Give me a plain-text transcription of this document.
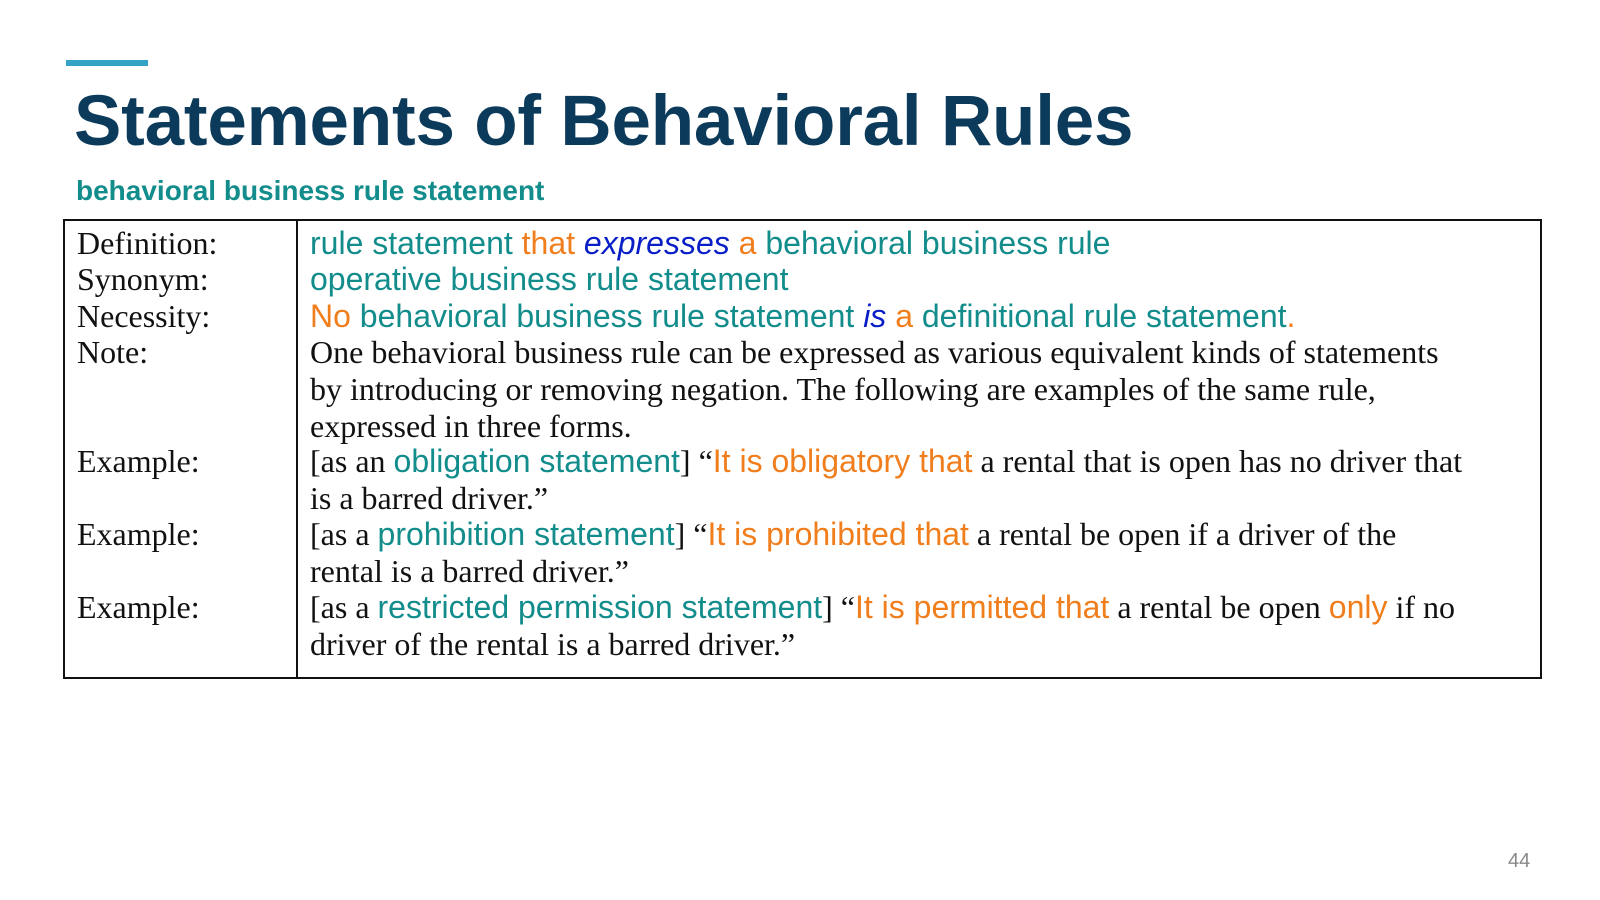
Statements of Behavioral Rules
behavioral business rule statement
Definition:	rule statement that expresses a behavioral business rule
Synonym:	operative business rule statement
Necessity:	No behavioral business rule statement is a definitional rule statement.
Note:	One behavioral business rule can be expressed as various equivalent kinds of statements
by introducing or removing negation. The following are examples of the same rule,
expressed in three forms.
Example:	[as an obligation statement] “It is obligatory that a rental that is open has no driver that
is a barred driver.”
Example:	[as a prohibition statement] “It is prohibited that a rental be open if a driver of the
rental is a barred driver.”
Example:	[as a restricted permission statement] “It is permitted that a rental be open only if no
driver of the rental is a barred driver.”
44
